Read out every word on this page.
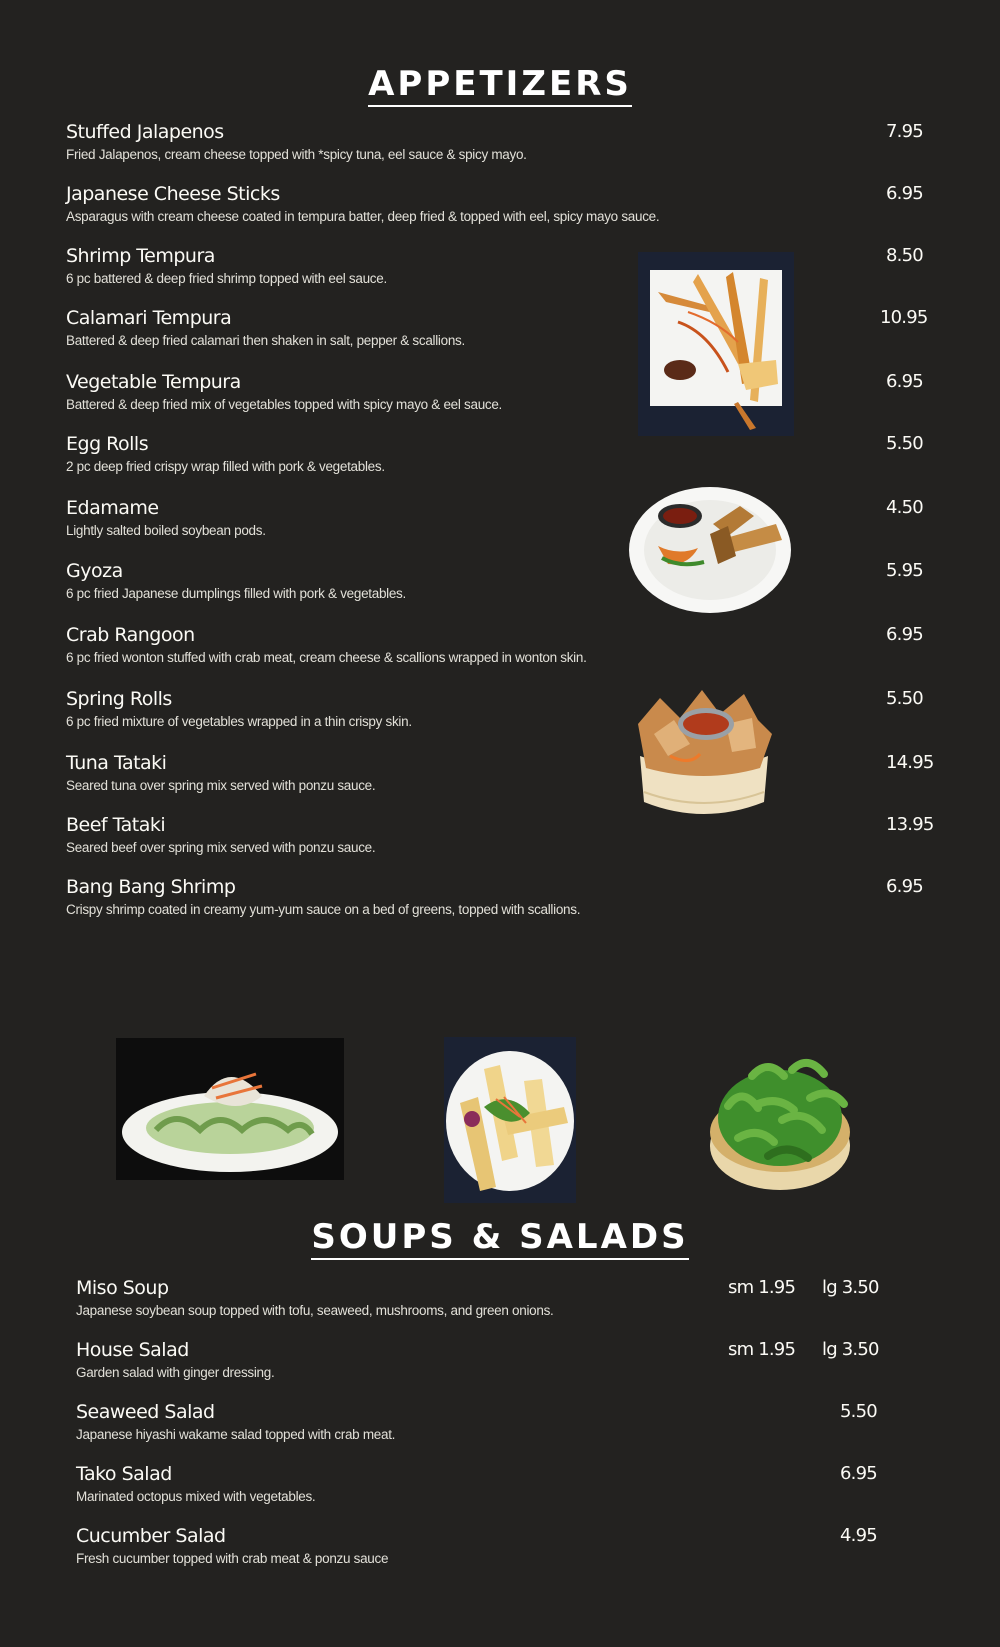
APPETIZERS
Stuffed Jalapenos
Fried Jalapenos, cream cheese topped with *spicy tuna, eel sauce & spicy mayo.
7.95
Japanese Cheese Sticks
Asparagus with cream cheese coated in tempura batter, deep fried & topped with eel, spicy mayo sauce.
6.95
Shrimp Tempura
6 pc battered & deep fried shrimp topped with eel sauce.
8.50
Calamari Tempura
Battered & deep fried calamari then shaken in salt, pepper & scallions.
10.95
Vegetable Tempura
Battered & deep fried mix of vegetables topped with spicy mayo & eel sauce.
6.95
Egg Rolls
2 pc deep fried crispy wrap filled with pork & vegetables.
5.50
Edamame
Lightly salted boiled soybean pods.
4.50
Gyoza
6 pc fried Japanese dumplings filled with pork & vegetables.
5.95
Crab Rangoon
6 pc fried wonton stuffed with crab meat, cream cheese & scallions wrapped in wonton skin.
6.95
Spring Rolls
6 pc fried mixture of vegetables wrapped in a thin crispy skin.
5.50
Tuna Tataki
Seared tuna over spring mix served with ponzu sauce.
14.95
Beef Tataki
Seared beef over spring mix served with ponzu sauce.
13.95
Bang Bang Shrimp
Crispy shrimp coated in creamy yum-yum sauce on a bed of greens, topped with scallions.
6.95
SOUPS & SALADS
Miso Soup
Japanese soybean soup topped with tofu, seaweed, mushrooms, and green onions.
sm 1.95 lg 3.50
House Salad
Garden salad with ginger dressing.
sm 1.95 lg 3.50
Seaweed Salad
Japanese hiyashi wakame salad topped with crab meat.
5.50
Tako Salad
Marinated octopus mixed with vegetables.
6.95
Cucumber Salad
Fresh cucumber topped with crab meat & ponzu sauce
4.95
